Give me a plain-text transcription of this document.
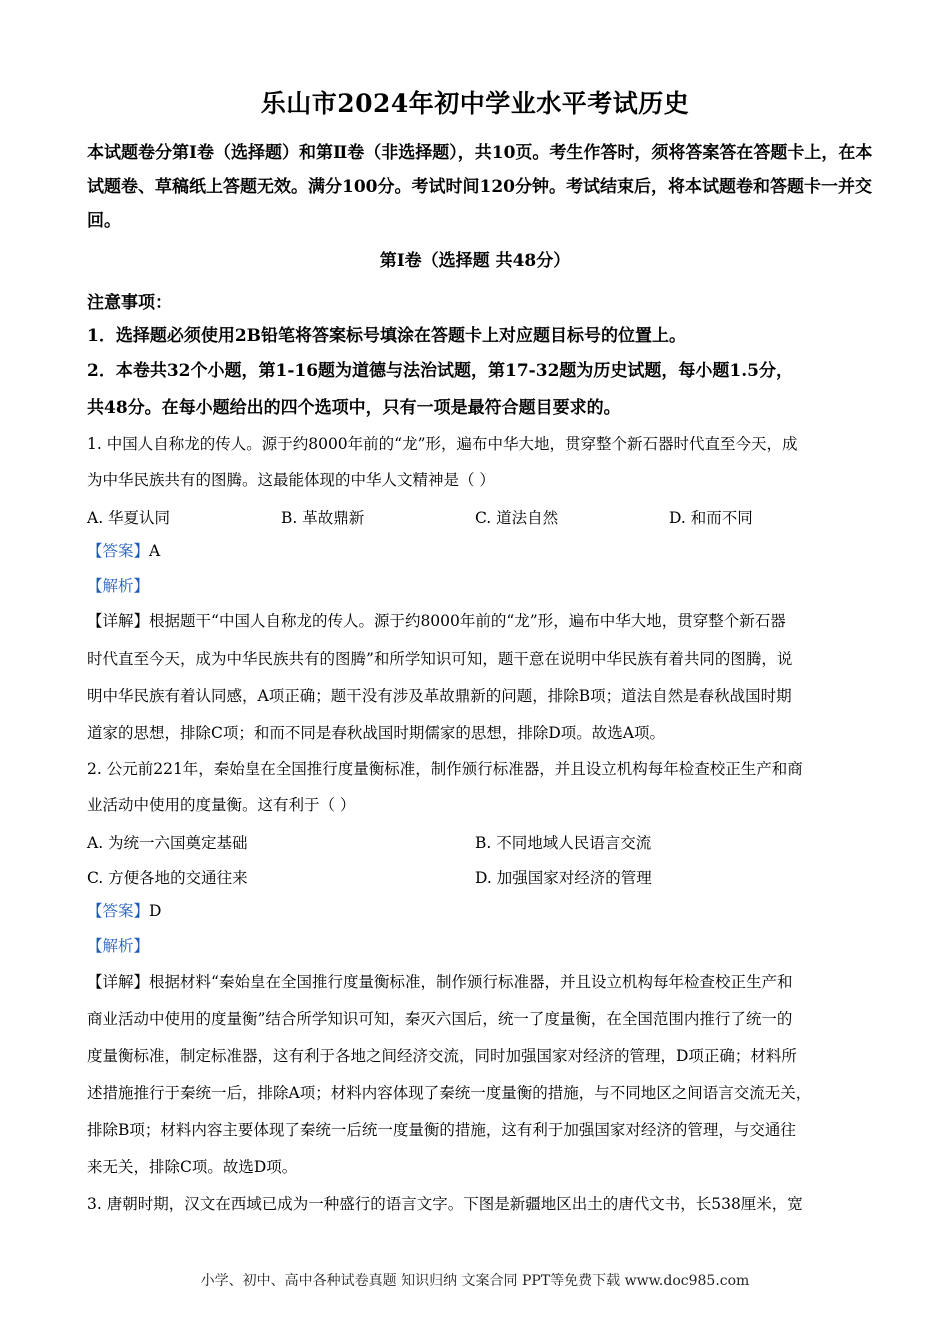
乐山市2024年初中学业水平考试历史
本试题卷分第Ⅰ卷（选择题）和第Ⅱ卷（非选择题），共10页。考生作答时，须将答案答在答题卡上，在本试题卷、草稿纸上答题无效。满分100分。考试时间120分钟。考试结束后，将本试题卷和答题卡一并交回。
第Ⅰ卷（选择题 共48分）
注意事项：
1．选择题必须使用2B铅笔将答案标号填涂在答题卡上对应题目标号的位置上。
2．本卷共32个小题，第1-16题为道德与法治试题，第17-32题为历史试题，每小题1.5分，
共48分。在每小题给出的四个选项中，只有一项是最符合题目要求的。
1. 中国人自称龙的传人。源于约8000年前的“龙”形，遍布中华大地，贯穿整个新石器时代直至今天，成
为中华民族共有的图腾。这最能体现的中华人文精神是（ ）
A. 华夏认同	B. 革故鼎新	C. 道法自然	D. 和而不同
【答案】A
【解析】
【详解】根据题干“中国人自称龙的传人。源于约8000年前的“龙”形，遍布中华大地，贯穿整个新石器
时代直至今天，成为中华民族共有的图腾”和所学知识可知，题干意在说明中华民族有着共同的图腾，说
明中华民族有着认同感，A项正确；题干没有涉及革故鼎新的问题，排除B项；道法自然是春秋战国时期
道家的思想，排除C项；和而不同是春秋战国时期儒家的思想，排除D项。故选A项。
2. 公元前221年，秦始皇在全国推行度量衡标准，制作颁行标准器，并且设立机构每年检查校正生产和商
业活动中使用的度量衡。这有利于（ ）
A. 为统一六国奠定基础	B. 不同地域人民语言交流
C. 方便各地的交通往来	D. 加强国家对经济的管理
【答案】D
【解析】
【详解】根据材料“秦始皇在全国推行度量衡标准，制作颁行标准器，并且设立机构每年检查校正生产和
商业活动中使用的度量衡”结合所学知识可知，秦灭六国后，统一了度量衡，在全国范围内推行了统一的
度量衡标准，制定标准器，这有利于各地之间经济交流，同时加强国家对经济的管理，D项正确；材料所
述措施推行于秦统一后，排除A项；材料内容体现了秦统一度量衡的措施，与不同地区之间语言交流无关，
排除B项；材料内容主要体现了秦统一后统一度量衡的措施，这有利于加强国家对经济的管理，与交通往
来无关，排除C项。故选D项。
3. 唐朝时期，汉文在西域已成为一种盛行的语言文字。下图是新疆地区出土的唐代文书，长538厘米，宽
小学、初中、高中各种试卷真题 知识归纳 文案合同 PPT等免费下载 www.doc985.com
